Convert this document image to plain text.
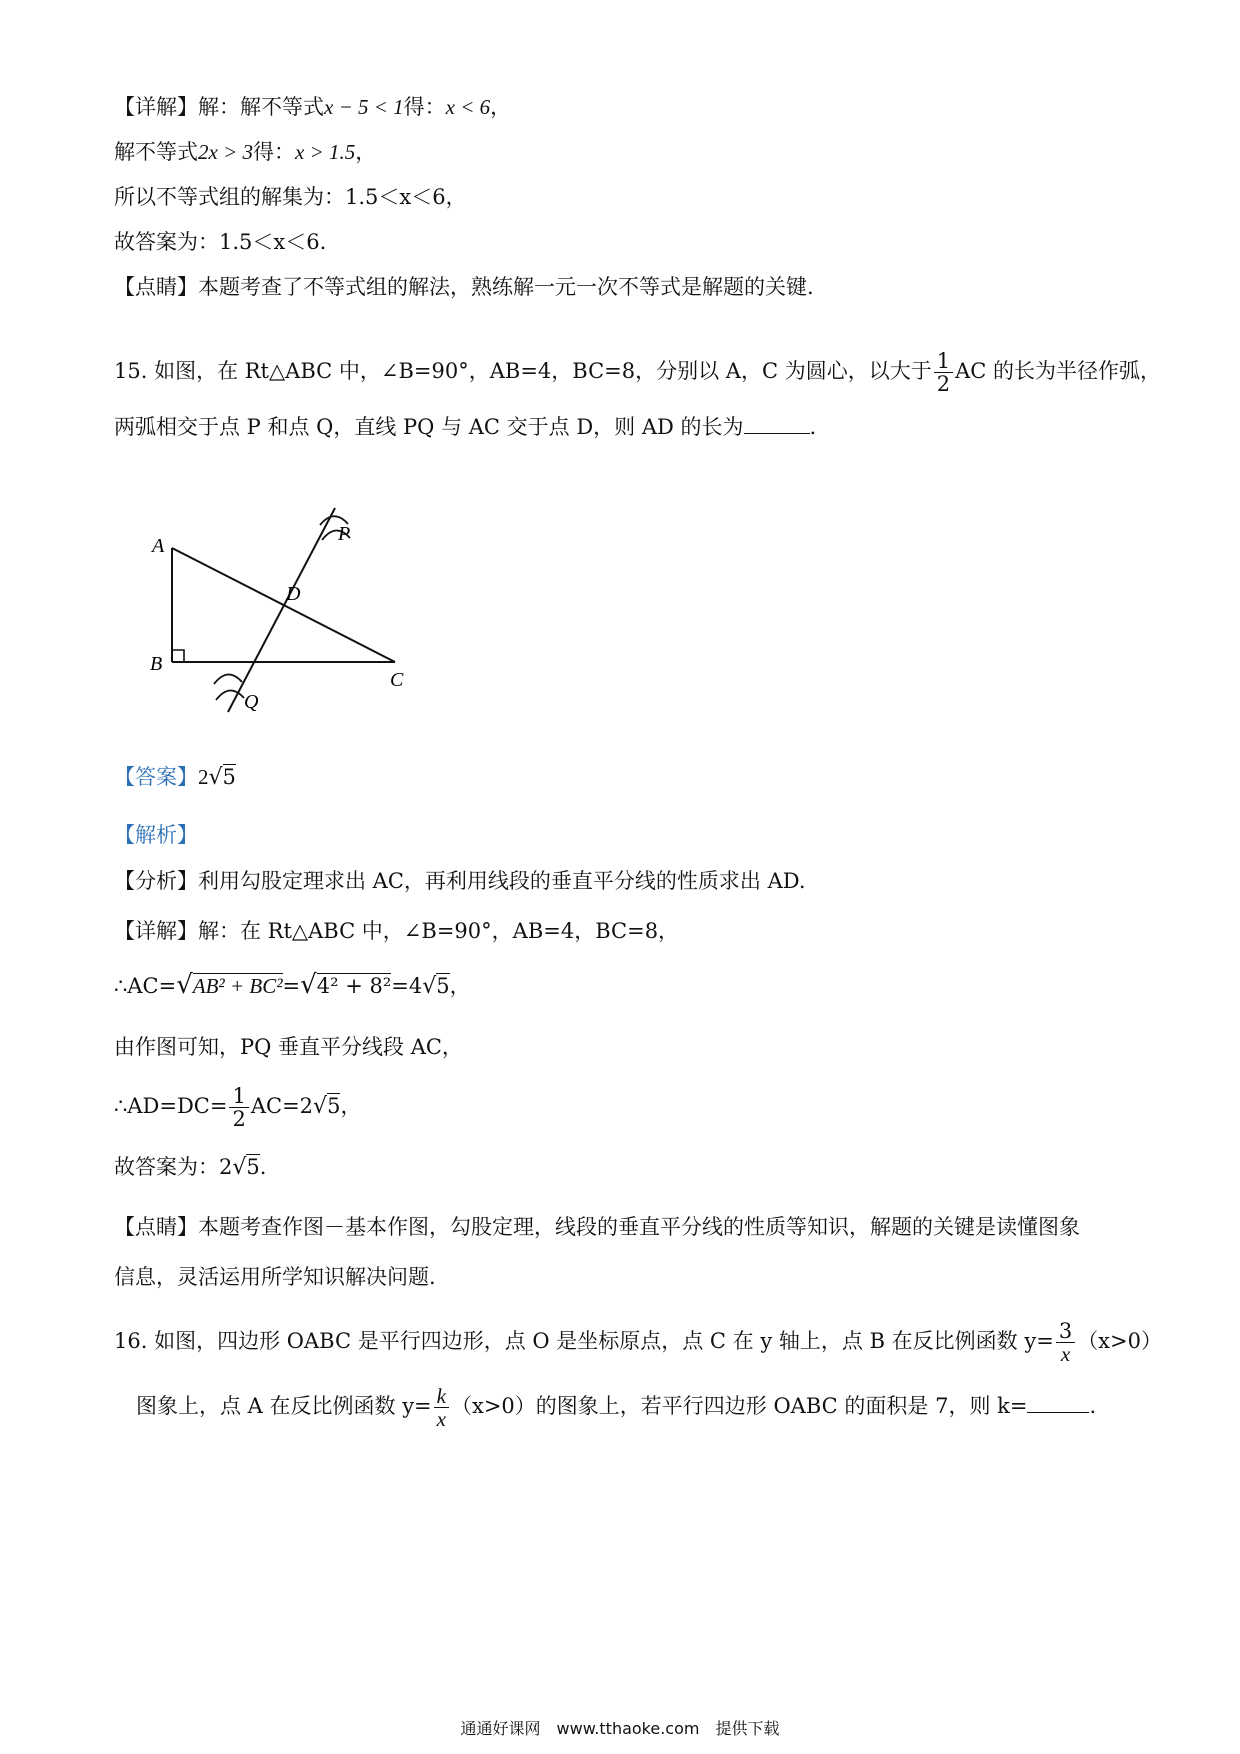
【详解】解：解不等式x − 5 < 1得：x < 6，
解不等式2x > 3得：x > 1.5，
所以不等式组的解集为：1.5＜x＜6，
故答案为：1.5＜x＜6.
【点睛】本题考查了不等式组的解法，熟练解一元一次不等式是解题的关键.
15. 如图，在 Rt△ABC 中，∠B=90°，AB=4，BC=8，分别以 A，C 为圆心，以大于 $\frac{1}{2}$ AC 的长为半径作弧，
两弧相交于点 P 和点 Q，直线 PQ 与 AC 交于点 D，则 AD 的长为	.
A
B
C
D
P
Q
【答案】2√5
【解析】
【分析】利用勾股定理求出 AC，再利用线段的垂直平分线的性质求出 AD.
【详解】解：在 Rt△ABC 中，∠B=90°，AB=4，BC=8，
∴AC=√AB² + BC²=√4² + 8²=4√5，
由作图可知，PQ 垂直平分线段 AC，
∴AD=DC= $\frac{1}{2} AC=2√5$，
故答案为：2√5.
【点睛】本题考查作图－基本作图，勾股定理，线段的垂直平分线的性质等知识，解题的关键是读懂图象
信息，灵活运用所学知识解决问题.
16. 如图，四边形 OABC 是平行四边形，点 O 是坐标原点，点 C 在 y 轴上，点 B 在反比例函数 $y= \frac{3}{x} (x>0)$
图象上，点 A 在反比例函数 $y= \frac{k}{x} (x>0)$的图象上，若平行四边形 OABC 的面积是 7，则 k=	.
通通好课网　www.tthaoke.com　提供下载
